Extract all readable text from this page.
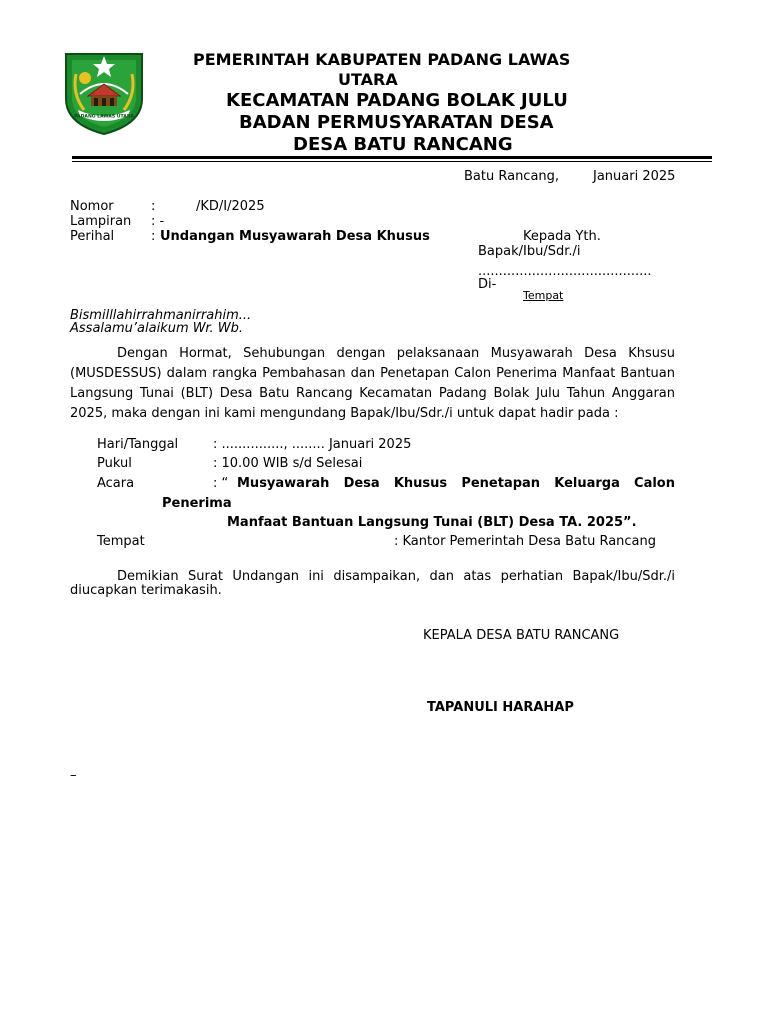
PADANG LAWAS UTARA
PEMERINTAH KABUPATEN PADANG LAWAS
UTARA
KECAMATAN PADANG BOLAK JULU
BADAN PERMUSYARATAN DESA
DESA BATU RANCANG
Batu Rancang,	Januari 2025
Nomor	:	/KD/I/2025
Lampiran : -
Perihal	: Undangan Musyawarah Desa Khusus	Kepada Yth.
Bapak/Ibu/Sdr./i
..........................................
Di-
Tempat
Bismilllahirrahmanirrahim...
Assalamu’alaikum Wr. Wb.
Dengan Hormat, Sehubungan dengan pelaksanaan Musyawarah Desa Khsusu
(MUSDESSUS) dalam rangka Pembahasan dan Penetapan Calon Penerima Manfaat Bantuan
Langsung Tunai (BLT) Desa Batu Rancang Kecamatan Padang Bolak Julu Tahun Anggaran
2025, maka dengan ini kami mengundang Bapak/Ibu/Sdr./i untuk dapat hadir pada :
Hari/Tanggal	: ..............., ........ Januari 2025
Pukul	: 10.00 WIB s/d Selesai
Acara	: “ Musyawarah Desa Khusus Penetapan Keluarga Calon
Penerima
Manfaat Bantuan Langsung Tunai (BLT) Desa TA. 2025”.
Tempat	: Kantor Pemerintah Desa Batu Rancang
Demikian Surat Undangan ini disampaikan, dan atas perhatian Bapak/Ibu/Sdr./i
diucapkan terimakasih.
KEPALA DESA BATU RANCANG
TAPANULI HARAHAP
–
